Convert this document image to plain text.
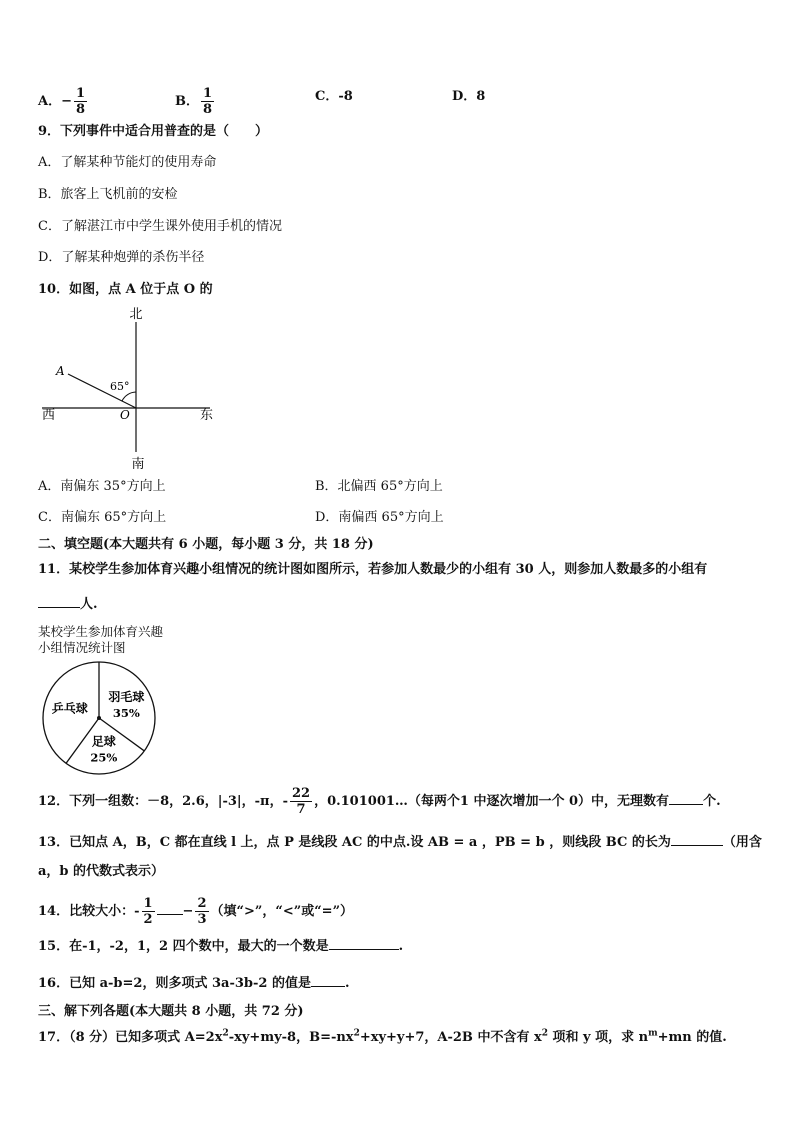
A．− $\frac{1}{8}$	B． $\frac{1}{8}$	C．-8	D．8
9．下列事件中适合用普查的是（　　）
A．了解某种节能灯的使用寿命
B．旅客上飞机前的安检
C．了解湛江市中学生课外使用手机的情况
D．了解某种炮弹的杀伤半径
10．如图，点 A 位于点 O 的
北
南
西	东
A
O
65°
A．南偏东 35°方向上	B．北偏西 65°方向上
C．南偏东 65°方向上	D．南偏西 65°方向上
二、填空题(本大题共有 6 小题，每小题 3 分，共 18 分)
11．某校学生参加体育兴趣小组情况的统计图如图所示，若参加人数最少的小组有 30 人，则参加人数最多的小组有
人.
某校学生参加体育兴趣
小组情况统计图
乒乓球
羽毛球
35%
足球
25%
12．下列一组数：－8，2.6，|-3|，-π，- $\frac{22}{7}$ ，0.101001…（每两个1 中逐次增加一个 0）中，无理数有	个.
13．已知点 A，B，C 都在直线 l 上，点 P 是线段 AC 的中点.设 AB = a ，PB = b ，则线段 BC 的长为	（用含
a，b 的代数式表示）
14．比较大小：- $\frac{1}{2} - \frac{2}{3}$ （填“>”，“<”或“=”）
15．在-1，-2，1，2 四个数中，最大的一个数是	.
16．已知 a-b=2，则多项式 3a-3b-2 的值是	.
三、解下列各题(本大题共 8 小题，共 72 分)
17．（8 分）已知多项式 $A=2x^2-xy+my-8$，$B=-nx^2+xy+y+7$，A-2B 中不含有 $x^2$ 项和 y 项，求 $n^m+mn$ 的值.
